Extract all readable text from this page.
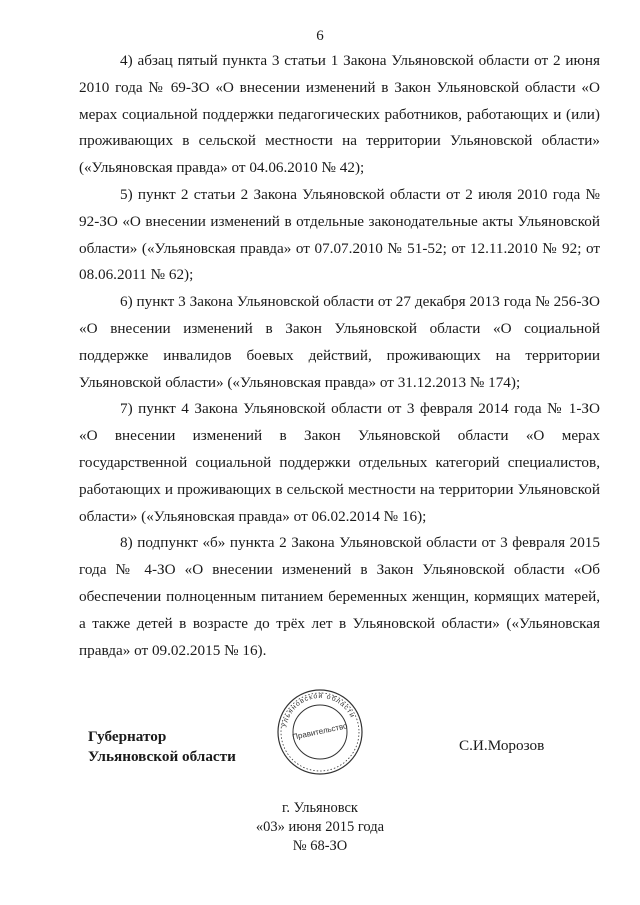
6

4) абзац пятый пункта 3 статьи 1 Закона Ульяновской области от 2 июня 2010 года № 69-ЗО «О внесении изменений в Закон Ульяновской области «О мерах социальной поддержки педагогических работников, работающих и (или) проживающих в сельской местности на территории Ульяновской области» («Ульяновская правда» от 04.06.2010 № 42);

5) пункт 2 статьи 2 Закона Ульяновской области от 2 июля 2010 года № 92-ЗО «О внесении изменений в отдельные законодательные акты Ульяновской области» («Ульяновская правда» от 07.07.2010 № 51-52; от 12.11.2010 № 92; от 08.06.2011 № 62);

6) пункт 3 Закона Ульяновской области от 27 декабря 2013 года № 256-ЗО «О внесении изменений в Закон Ульяновской области «О социальной поддержке инвалидов боевых действий, проживающих на территории Ульяновской области» («Ульяновская правда» от 31.12.2013 № 174);

7) пункт 4 Закона Ульяновской области от 3 февраля 2014 года № 1-ЗО «О внесении изменений в Закон Ульяновской области «О мерах государственной социальной поддержки отдельных категорий специалистов, работающих и проживающих в сельской местности на территории Ульяновской области» («Ульяновская правда» от 06.02.2014 № 16);

8) подпункт «б» пункта 2 Закона Ульяновской области от 3 февраля 2015 года № 4-ЗО «О внесении изменений в Закон Ульяновской области «Об обеспечении полноценным питанием беременных женщин, кормящих матерей, а также детей в возрасте до трёх лет в Ульяновской области» («Ульяновская правда» от 09.02.2015 № 16).

Губернатор
Ульяновской области
Ульяновской области
Правительство
С.И.Морозов
г. Ульяновск
«03» июня 2015 года
№ 68-ЗО
